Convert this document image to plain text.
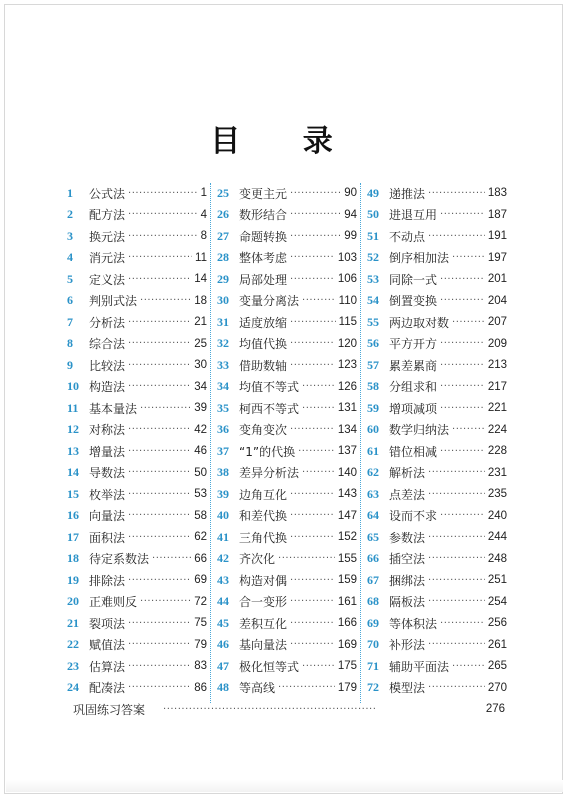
目 录
1	公式法 ·····	1
2	配方法 ·····	4
3	换元法 ·····	8
4	消元法 ·····	11
5	定义法 ·····	14
6	判别式法 ·····	18
7	分析法 ·····	21
8	综合法 ·····	25
9	比较法 ·····	30
10 构造法 ·····	34
11 基本量法 ·····	39
12 对称法 ·····	42
13 增量法 ·····	46
14 导数法 ·····	50
15 枚举法 ·····	53
16 向量法 ·····	58
17 面积法 ·····	62
18 待定系数法 ·····	66
19 排除法 ·····	69
20 正难则反 ·····	72
21 裂项法 ·····	75
22 赋值法 ·····	79
23 估算法 ·····	83
24 配凑法 ·····	86
25 变更主元 ·····	90
26 数形结合 ·····	94
27 命题转换 ·····	99
28 整体考虑 ·····	103
29 局部处理 ·····	106
30 变量分离法 ·····	110
31 适度放缩 ·····	115
32 均值代换 ·····	120
33 借助数轴 ·····	123
34 均值不等式 ·····	126
35 柯西不等式 ·····	131
36 变角变次 ·····	134
37 “1”的代换 ·····	137
38 差异分析法 ·····	140
39 边角互化 ·····	143
40 和差代换 ·····	147
41 三角代换 ·····	152
42 齐次化 ·····	155
43 构造对偶 ·····	159
44 合一变形 ·····	161
45 差积互化 ·····	166
46 基向量法 ·····	169
47 极化恒等式 ·····	175
48 等高线 ·····	179
49 递推法 ·····	183
50 进退互用 ·····	187
51 不动点 ·····	191
52 倒序相加法 ·····	197
53 同除一式 ·····	201
54 倒置变换 ·····	204
55 两边取对数 ·····	207
56 平方开方 ·····	209
57 累差累商 ·····	213
58 分组求和 ·····	217
59 增项减项 ·····	221
60 数学归纳法 ·····	224
61 错位相减 ·····	228
62 解析法 ·····	231
63 点差法 ·····	235
64 设而不求 ·····	240
65 参数法 ·····	244
66 插空法 ·····	248
67 捆绑法 ·····	251
68 隔板法 ·····	254
69 等体积法 ·····	256
70 补形法 ·····	261
71 辅助平面法 ·····	265
72 模型法 ·····	270
巩固练习答案 ·····	276
